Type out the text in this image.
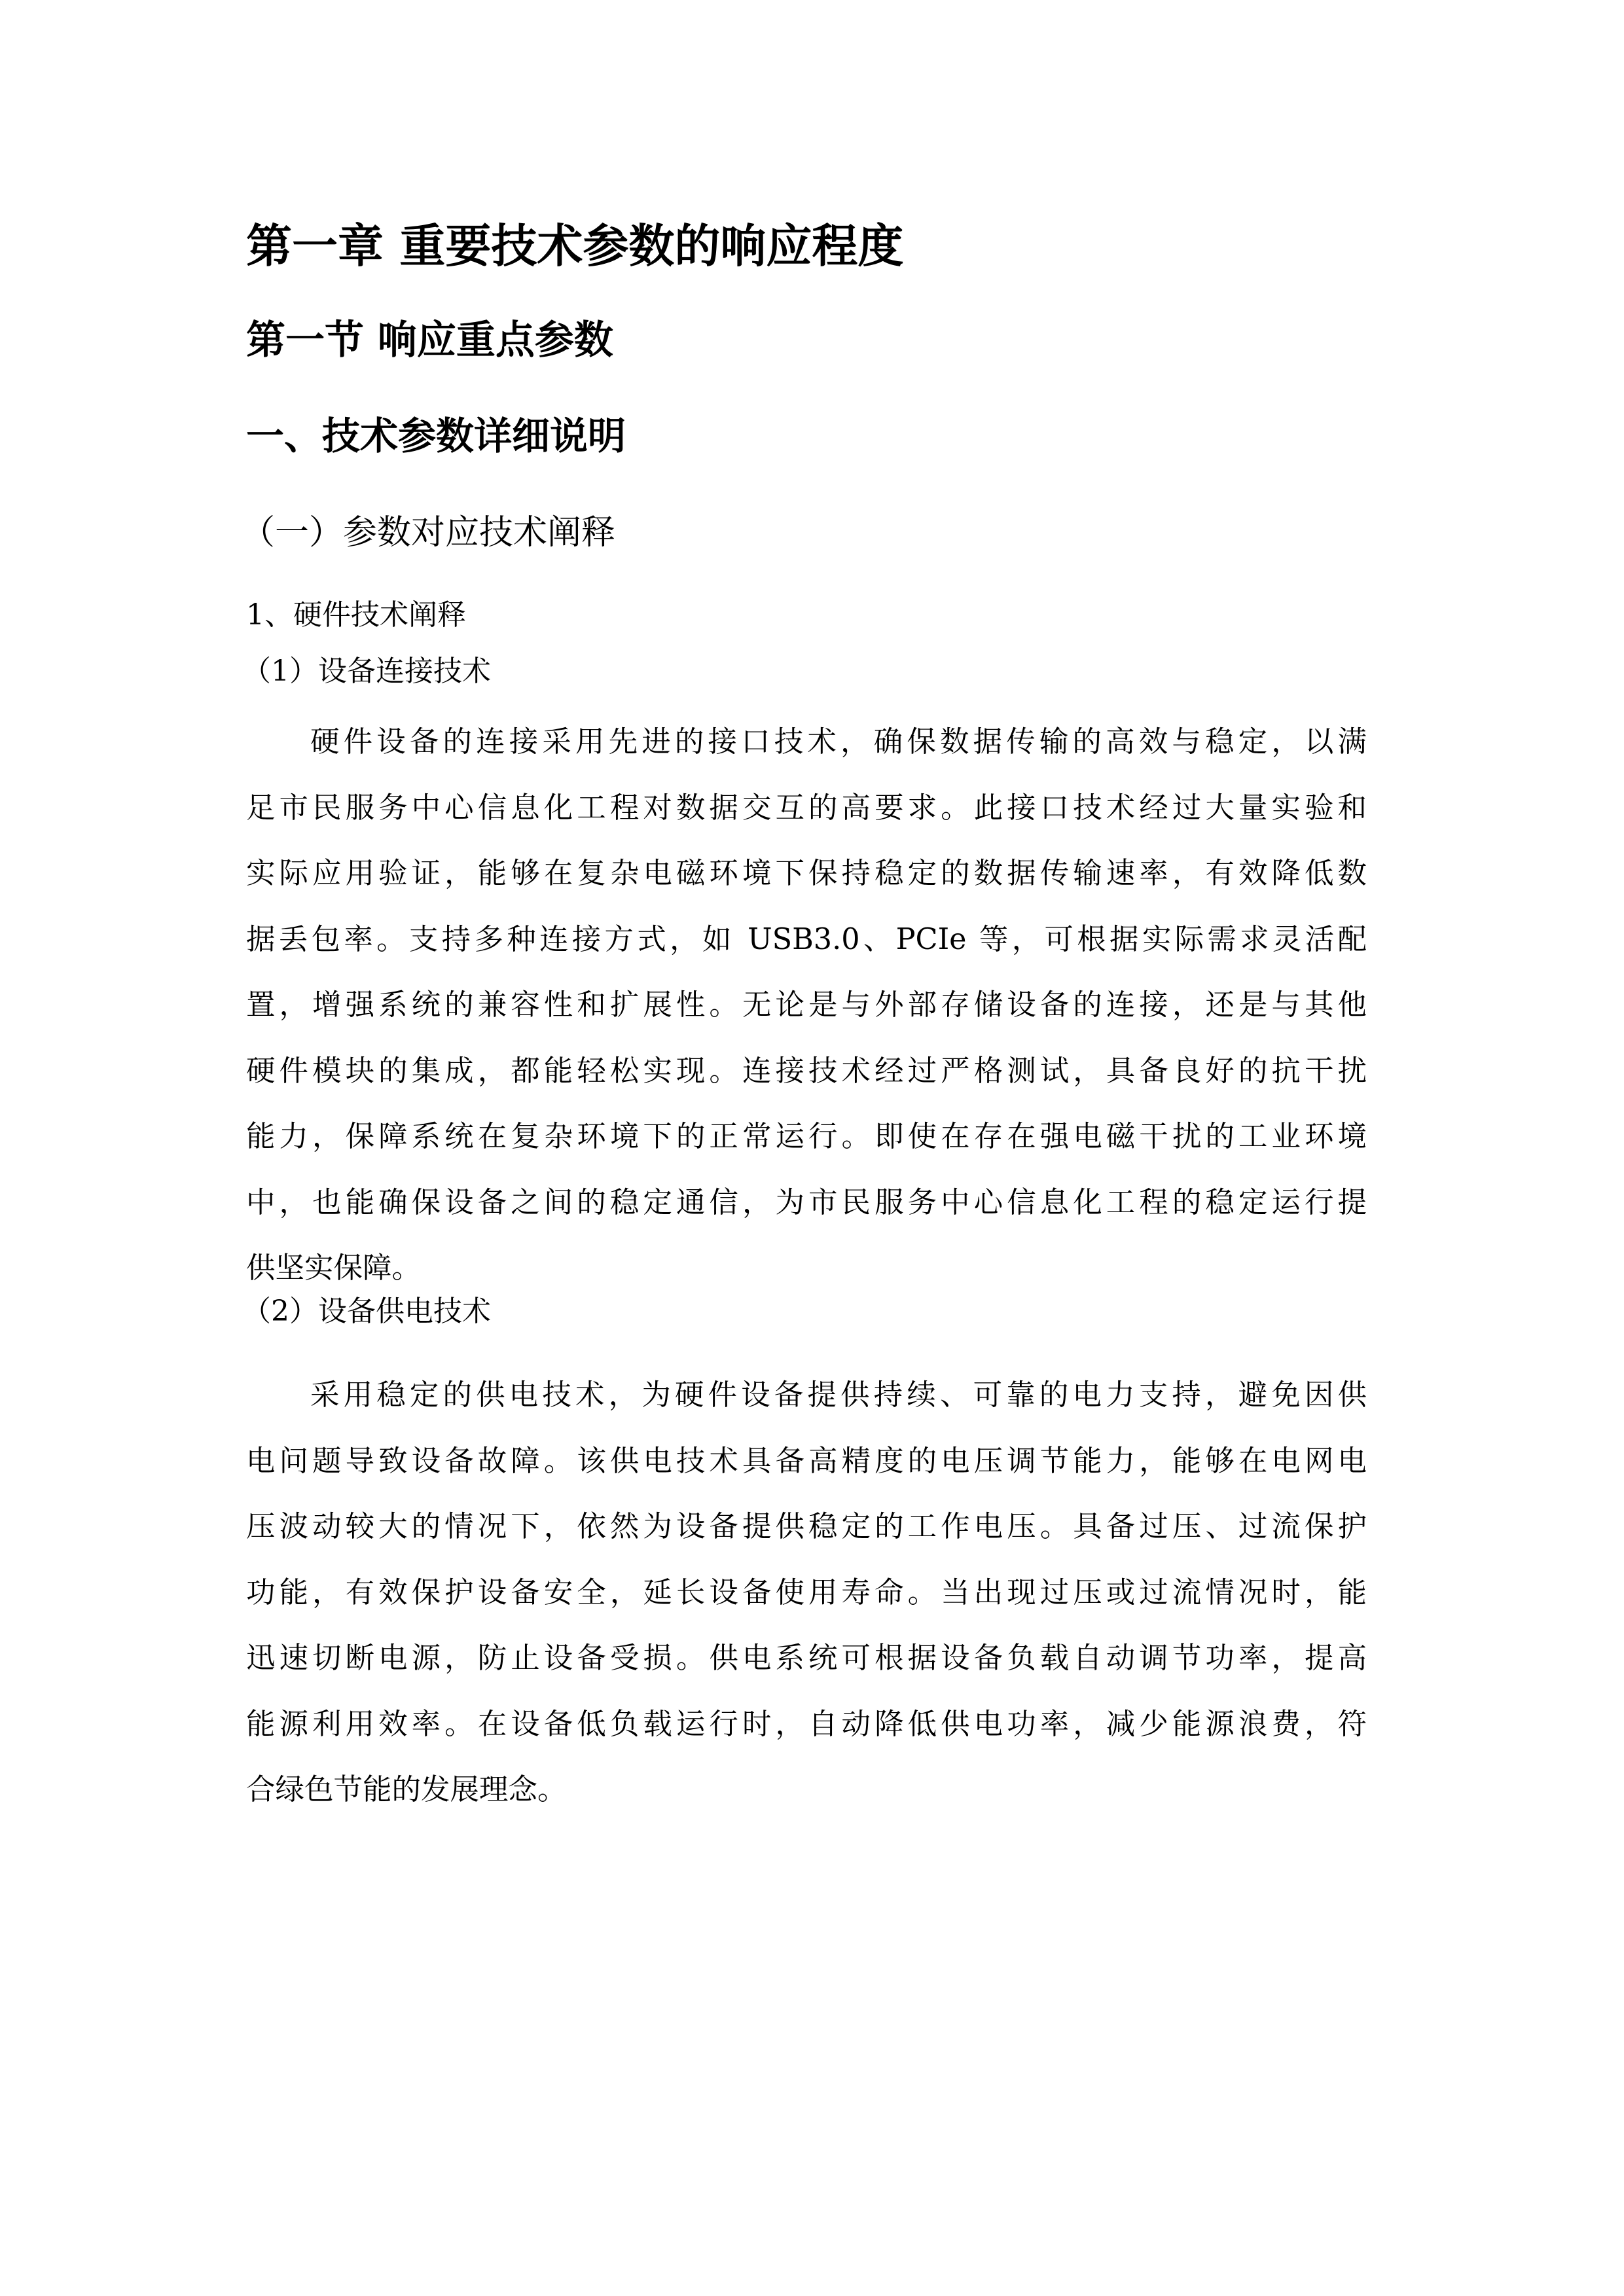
第一章 重要技术参数的响应程度
第一节 响应重点参数
一、技术参数详细说明
（一）参数对应技术阐释
1、硬件技术阐释
（1）设备连接技术
硬件设备的连接采用先进的接口技术，确保数据传输的高效与稳定，以满
足市民服务中心信息化工程对数据交互的高要求。此接口技术经过大量实验和
实际应用验证，能够在复杂电磁环境下保持稳定的数据传输速率，有效降低数
据丢包率。支持多种连接方式，如 USB3.0、PCIe 等，可根据实际需求灵活配
置，增强系统的兼容性和扩展性。无论是与外部存储设备的连接，还是与其他
硬件模块的集成，都能轻松实现。连接技术经过严格测试，具备良好的抗干扰
能力，保障系统在复杂环境下的正常运行。即使在存在强电磁干扰的工业环境
中，也能确保设备之间的稳定通信，为市民服务中心信息化工程的稳定运行提
供坚实保障。
（2）设备供电技术
采用稳定的供电技术，为硬件设备提供持续、可靠的电力支持，避免因供
电问题导致设备故障。该供电技术具备高精度的电压调节能力，能够在电网电
压波动较大的情况下，依然为设备提供稳定的工作电压。具备过压、过流保护
功能，有效保护设备安全，延长设备使用寿命。当出现过压或过流情况时，能
迅速切断电源，防止设备受损。供电系统可根据设备负载自动调节功率，提高
能源利用效率。在设备低负载运行时，自动降低供电功率，减少能源浪费，符
合绿色节能的发展理念。
